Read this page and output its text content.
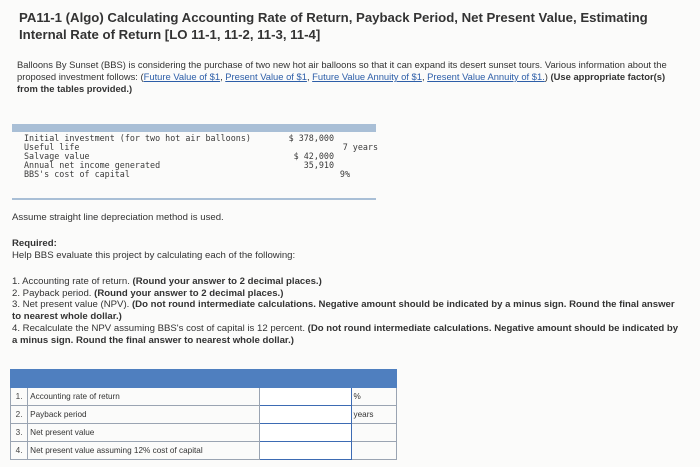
PA11-1 (Algo) Calculating Accounting Rate of Return, Payback Period, Net Present Value, Estimating Internal Rate of Return [LO 11-1, 11-2, 11-3, 11-4]
Balloons By Sunset (BBS) is considering the purchase of two new hot air balloons so that it can expand its desert sunset tours. Various information about the proposed investment follows: (Future Value of $1, Present Value of $1, Future Value Annuity of $1, Present Value Annuity of $1.) (Use appropriate factor(s) from the tables provided.)
Initial investment (for two hot air balloons)	$ 378,000
Useful life	7 years
Salvage value	$ 42,000
Annual net income generated	35,910
BBS's cost of capital	9%
Assume straight line depreciation method is used.
Required:
Help BBS evaluate this project by calculating each of the following:
1. Accounting rate of return. (Round your answer to 2 decimal places.)
2. Payback period. (Round your answer to 2 decimal places.)
3. Net present value (NPV). (Do not round intermediate calculations. Negative amount should be indicated by a minus sign. Round the final answer to nearest whole dollar.)
4. Recalculate the NPV assuming BBS's cost of capital is 12 percent. (Do not round intermediate calculations. Negative amount should be indicated by a minus sign. Round the final answer to nearest whole dollar.)

1.	Accounting rate of return		%
2.	Payback period		years
3.	Net present value		
4.	Net present value assuming 12% cost of capital		
